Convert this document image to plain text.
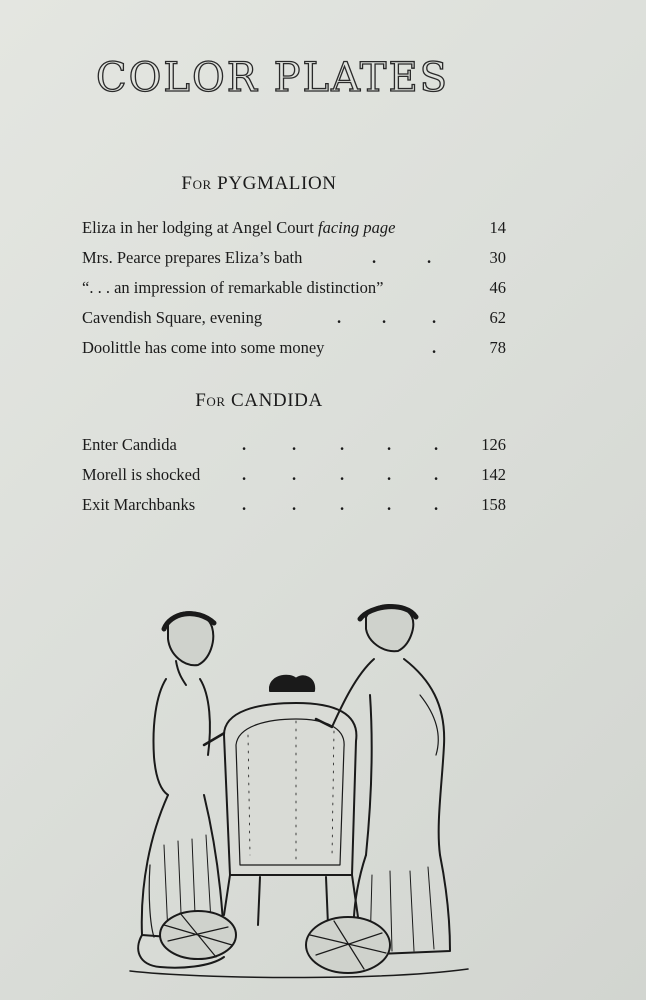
COLOR PLATES
For PYGMALION
Eliza in her lodging at Angel Court facing page	14
Mrs. Pearce prepares Eliza’s bath	.	.	30
“. . . an impression of remarkable distinction”	46
Cavendish Square, evening	. .	.	62
Doolittle has come into some money	.	78
For CANDIDA
Enter Candida	.	.	.	.	.	126
Morell is shocked	.	.	.	.	.	142
Exit Marchbanks	.	.	.	.	.	158
